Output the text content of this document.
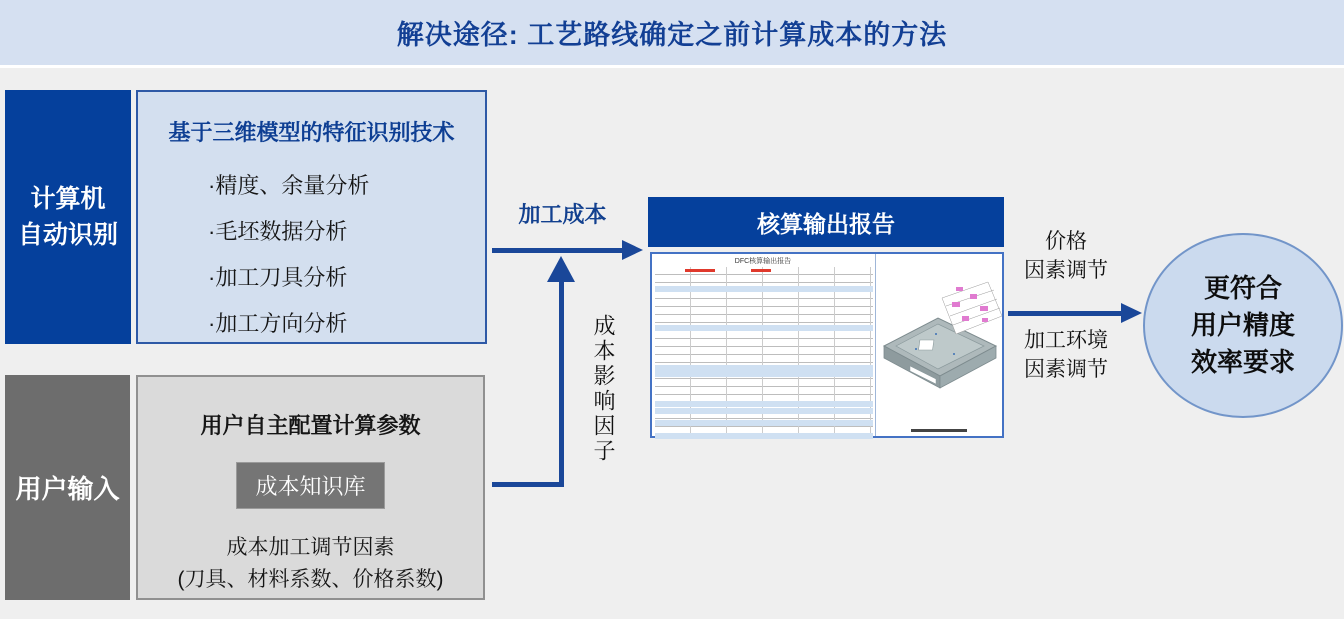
解决途径: 工艺路线确定之前计算成本的方法
计算机
自动识别
基于三维模型的特征识别技术
·精度、余量分析
·毛坯数据分析
·加工刀具分析
·加工方向分析
用户输入
用户自主配置计算参数
成本知识库
成本加工调节因素
(刀具、材料系数、价格系数)
加工成本
成本影响因子
核算输出报告
DFC核算输出报告
价格
因素调节
加工环境
因素调节
更符合
用户精度
效率要求
